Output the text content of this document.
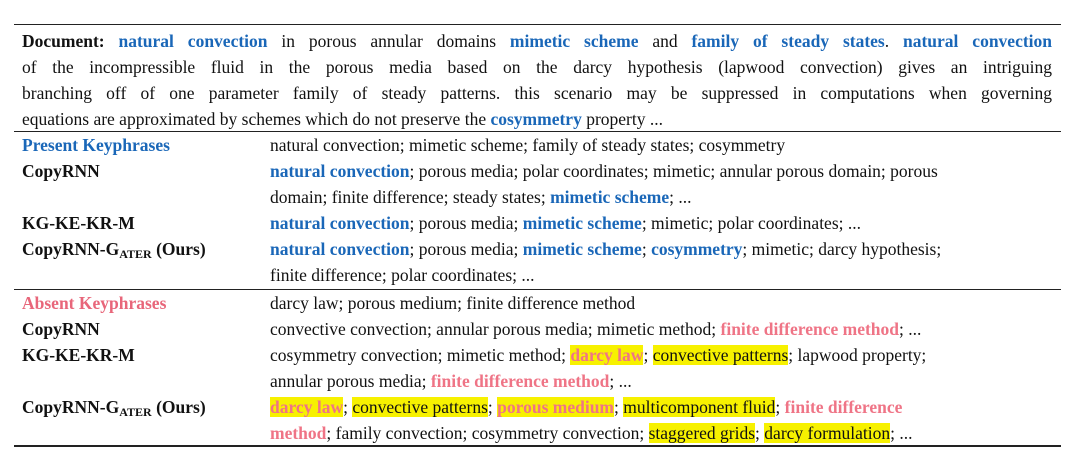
Document: natural convection in porous annular domains mimetic scheme and family of steady states. natural convection
of the incompressible fluid in the porous media based on the darcy hypothesis (lapwood convection) gives an intriguing
branching off of one parameter family of steady patterns. this scenario may be suppressed in computations when governing
equations are approximated by schemes which do not preserve the cosymmetry property ...
Present Keyphrases	natural convection; mimetic scheme; family of steady states; cosymmetry
CopyRNN	natural convection; porous media; polar coordinates; mimetic; annular porous domain; porous
domain; finite difference; steady states; mimetic scheme; ...
KG-KE-KR-M	natural convection; porous media; mimetic scheme; mimetic; polar coordinates; ...
CopyRNN-$G_{ATER}$ (Ours)	natural convection; porous media; mimetic scheme; cosymmetry; mimetic; darcy hypothesis;
finite difference; polar coordinates; ...
Absent Keyphrases	darcy law; porous medium; finite difference method
CopyRNN	convective convection; annular porous media; mimetic method; finite difference method; ...
KG-KE-KR-M	cosymmetry convection; mimetic method; darcy law; convective patterns; lapwood property;
annular porous media; finite difference method; ...
CopyRNN-$G_{ATER}$ (Ours)	darcy law; convective patterns; porous medium; multicomponent fluid; finite difference
method; family convection; cosymmetry convection; staggered grids; darcy formulation; ...
